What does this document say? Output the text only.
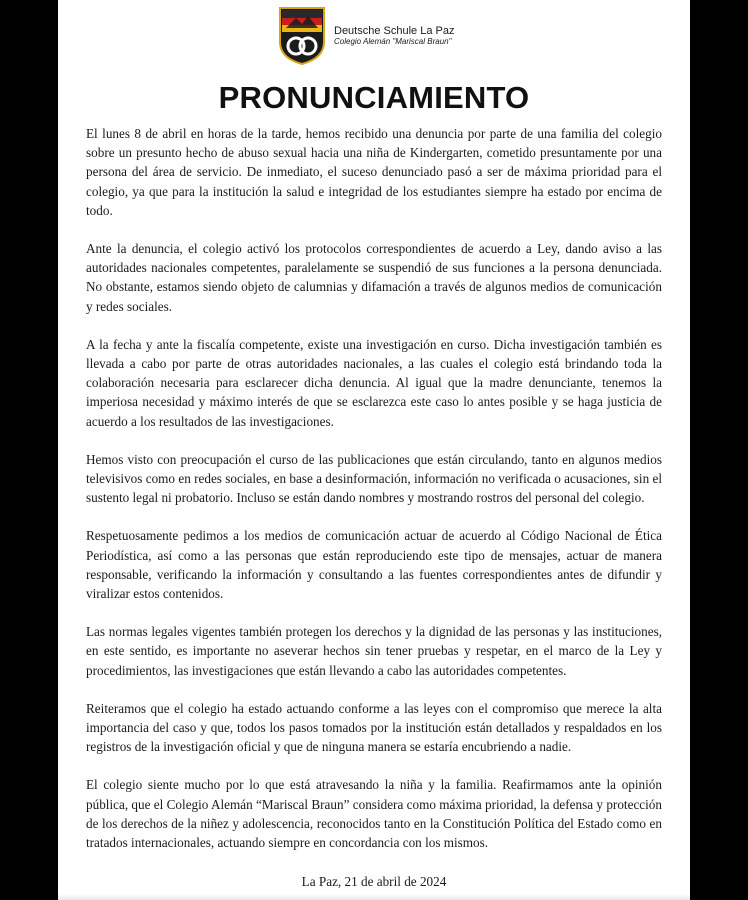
Deutsche Schule La Paz
Colegio Alemán "Mariscal Braun"
PRONUNCIAMIENTO

El lunes 8 de abril en horas de la tarde, hemos recibido una denuncia por parte de una familia del colegio sobre un presunto hecho de abuso sexual hacia una niña de Kindergarten, cometido presuntamente por una persona del área de servicio. De inmediato, el suceso denunciado pasó a ser de máxima prioridad para el colegio, ya que para la institución la salud e integridad de los estudiantes siempre ha estado por encima de todo.

Ante la denuncia, el colegio activó los protocolos correspondientes de acuerdo a Ley, dando aviso a las autoridades nacionales competentes, paralelamente se suspendió de sus funciones a la persona denunciada. No obstante, estamos siendo objeto de calumnias y difamación a través de algunos medios de comunicación y redes sociales.

A la fecha y ante la fiscalía competente, existe una investigación en curso. Dicha investigación también es llevada a cabo por parte de otras autoridades nacionales, a las cuales el colegio está brindando toda la colaboración necesaria para esclarecer dicha denuncia. Al igual que la madre denunciante, tenemos la imperiosa necesidad y máximo interés de que se esclarezca este caso lo antes posible y se haga justicia de acuerdo a los resultados de las investigaciones.

Hemos visto con preocupación el curso de las publicaciones que están circulando, tanto en algunos medios televisivos como en redes sociales, en base a desinformación, información no verificada o acusaciones, sin el sustento legal ni probatorio. Incluso se están dando nombres y mostrando rostros del personal del colegio.

Respetuosamente pedimos a los medios de comunicación actuar de acuerdo al Código Nacional de Ética Periodística, así como a las personas que están reproduciendo este tipo de mensajes, actuar de manera responsable, verificando la información y consultando a las fuentes correspondientes antes de difundir y viralizar estos contenidos.

Las normas legales vigentes también protegen los derechos y la dignidad de las personas y las instituciones, en este sentido, es importante no aseverar hechos sin tener pruebas y respetar, en el marco de la Ley y procedimientos, las investigaciones que están llevando a cabo las autoridades competentes.

Reiteramos que el colegio ha estado actuando conforme a las leyes con el compromiso que merece la alta importancia del caso y que, todos los pasos tomados por la institución están detallados y respaldados en los registros de la investigación oficial y que de ninguna manera se estaría encubriendo a nadie.

El colegio siente mucho por lo que está atravesando la niña y la familia. Reafirmamos ante la opinión pública, que el Colegio Alemán “Mariscal Braun” considera como máxima prioridad, la defensa y protección de los derechos de la niñez y adolescencia, reconocidos tanto en la Constitución Política del Estado como en tratados internacionales, actuando siempre en concordancia con los mismos.

La Paz, 21 de abril de 2024
